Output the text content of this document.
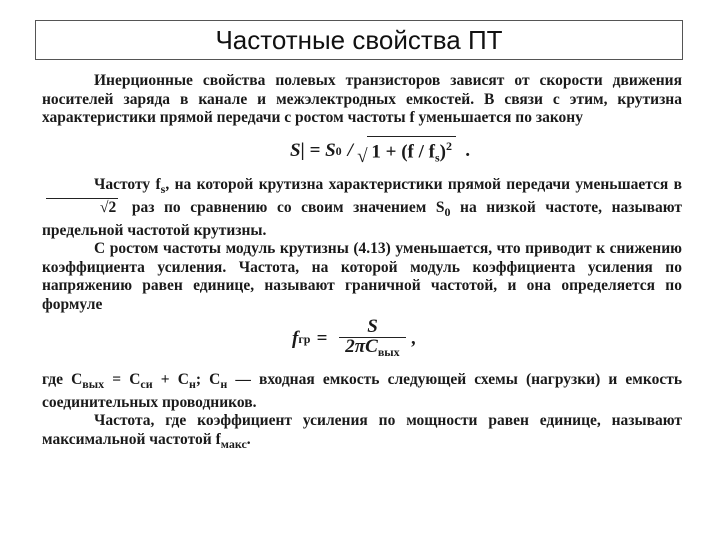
Частотные свойства ПТ

Инерционные свойства полевых транзисторов зависят от скорости движения носителей заряда в канале и межэлектродных емкостей. В связи с этим, крутизна характеристики прямой передачи с ростом частоты f уменьшается по закону

S| = S 0 / √ $1 + (f / f_s)^2$ .

Частоту $f_s$, на которой крутизна характеристики прямой передачи уменьшается в √2 раз по сравнению со своим значением $S_0$ на низкой частоте, называют предельной частотой крутизны.

С ростом частоты модуль крутизны (4.13) уменьшается, что приводит к снижению коэффициента усиления. Частота, на которой модуль коэффициента усиления по напряжению равен единице, называют граничной частотой, и она определяется по формуле

f гр = $\frac{S}{2\pi C_{вых}}$ ,

где $C_{вых} = C_{си} + C_н$; $C_н$ — входная емкость следующей схемы (нагрузки) и емкость соединительных проводников.

Частота, где коэффициент усиления по мощности равен единице, называют максимальной частотой $f_{макс}$.
